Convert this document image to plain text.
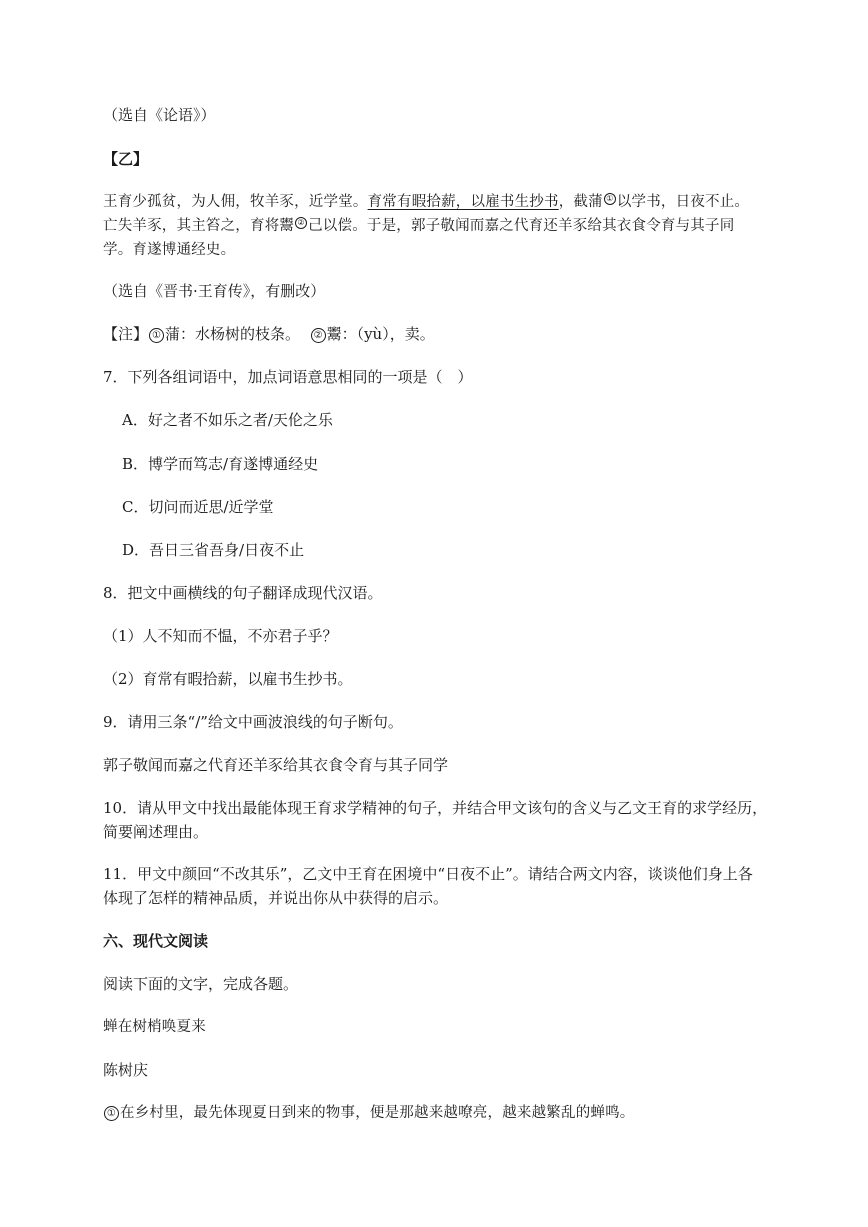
（选自《论语》）
【乙】
王育少孤贫，为人佣，牧羊豕，近学堂。育常有暇拾薪，以雇书生抄书，截蒲 ① 以学书，日夜不止。
亡失羊豕，其主笞之，育将鬻 ② 己以偿。于是，郭子敬闻而嘉之代育还羊豕给其衣食令育与其子同
学。育遂博通经史。
（选自《晋书·王育传》，有删改）
【注】 ① 蒲：水杨树的枝条。 ② 鬻：（yù），卖。
7．下列各组词语中，加点词语意思相同的一项是（　）
A．好之者不如乐之者/天伦之乐
B．博学而笃志/育遂博通经史
C．切问而近思/近学堂
D．吾日三省吾身/日夜不止
8．把文中画横线的句子翻译成现代汉语。
（1）人不知而不愠，不亦君子乎？
（2）育常有暇拾薪，以雇书生抄书。
9．请用三条“/”给文中画波浪线的句子断句。
郭子敬闻而嘉之代育还羊豕给其衣食令育与其子同学
10．请从甲文中找出最能体现王育求学精神的句子，并结合甲文该句的含义与乙文王育的求学经历，
简要阐述理由。
11．甲文中颜回“不改其乐”，乙文中王育在困境中“日夜不止”。请结合两文内容，谈谈他们身上各
体现了怎样的精神品质，并说出你从中获得的启示。
六、现代文阅读
阅读下面的文字，完成各题。
蝉在树梢唤夏来
陈树庆
① 在乡村里，最先体现夏日到来的物事，便是那越来越嘹亮，越来越繁乱的蝉鸣。
